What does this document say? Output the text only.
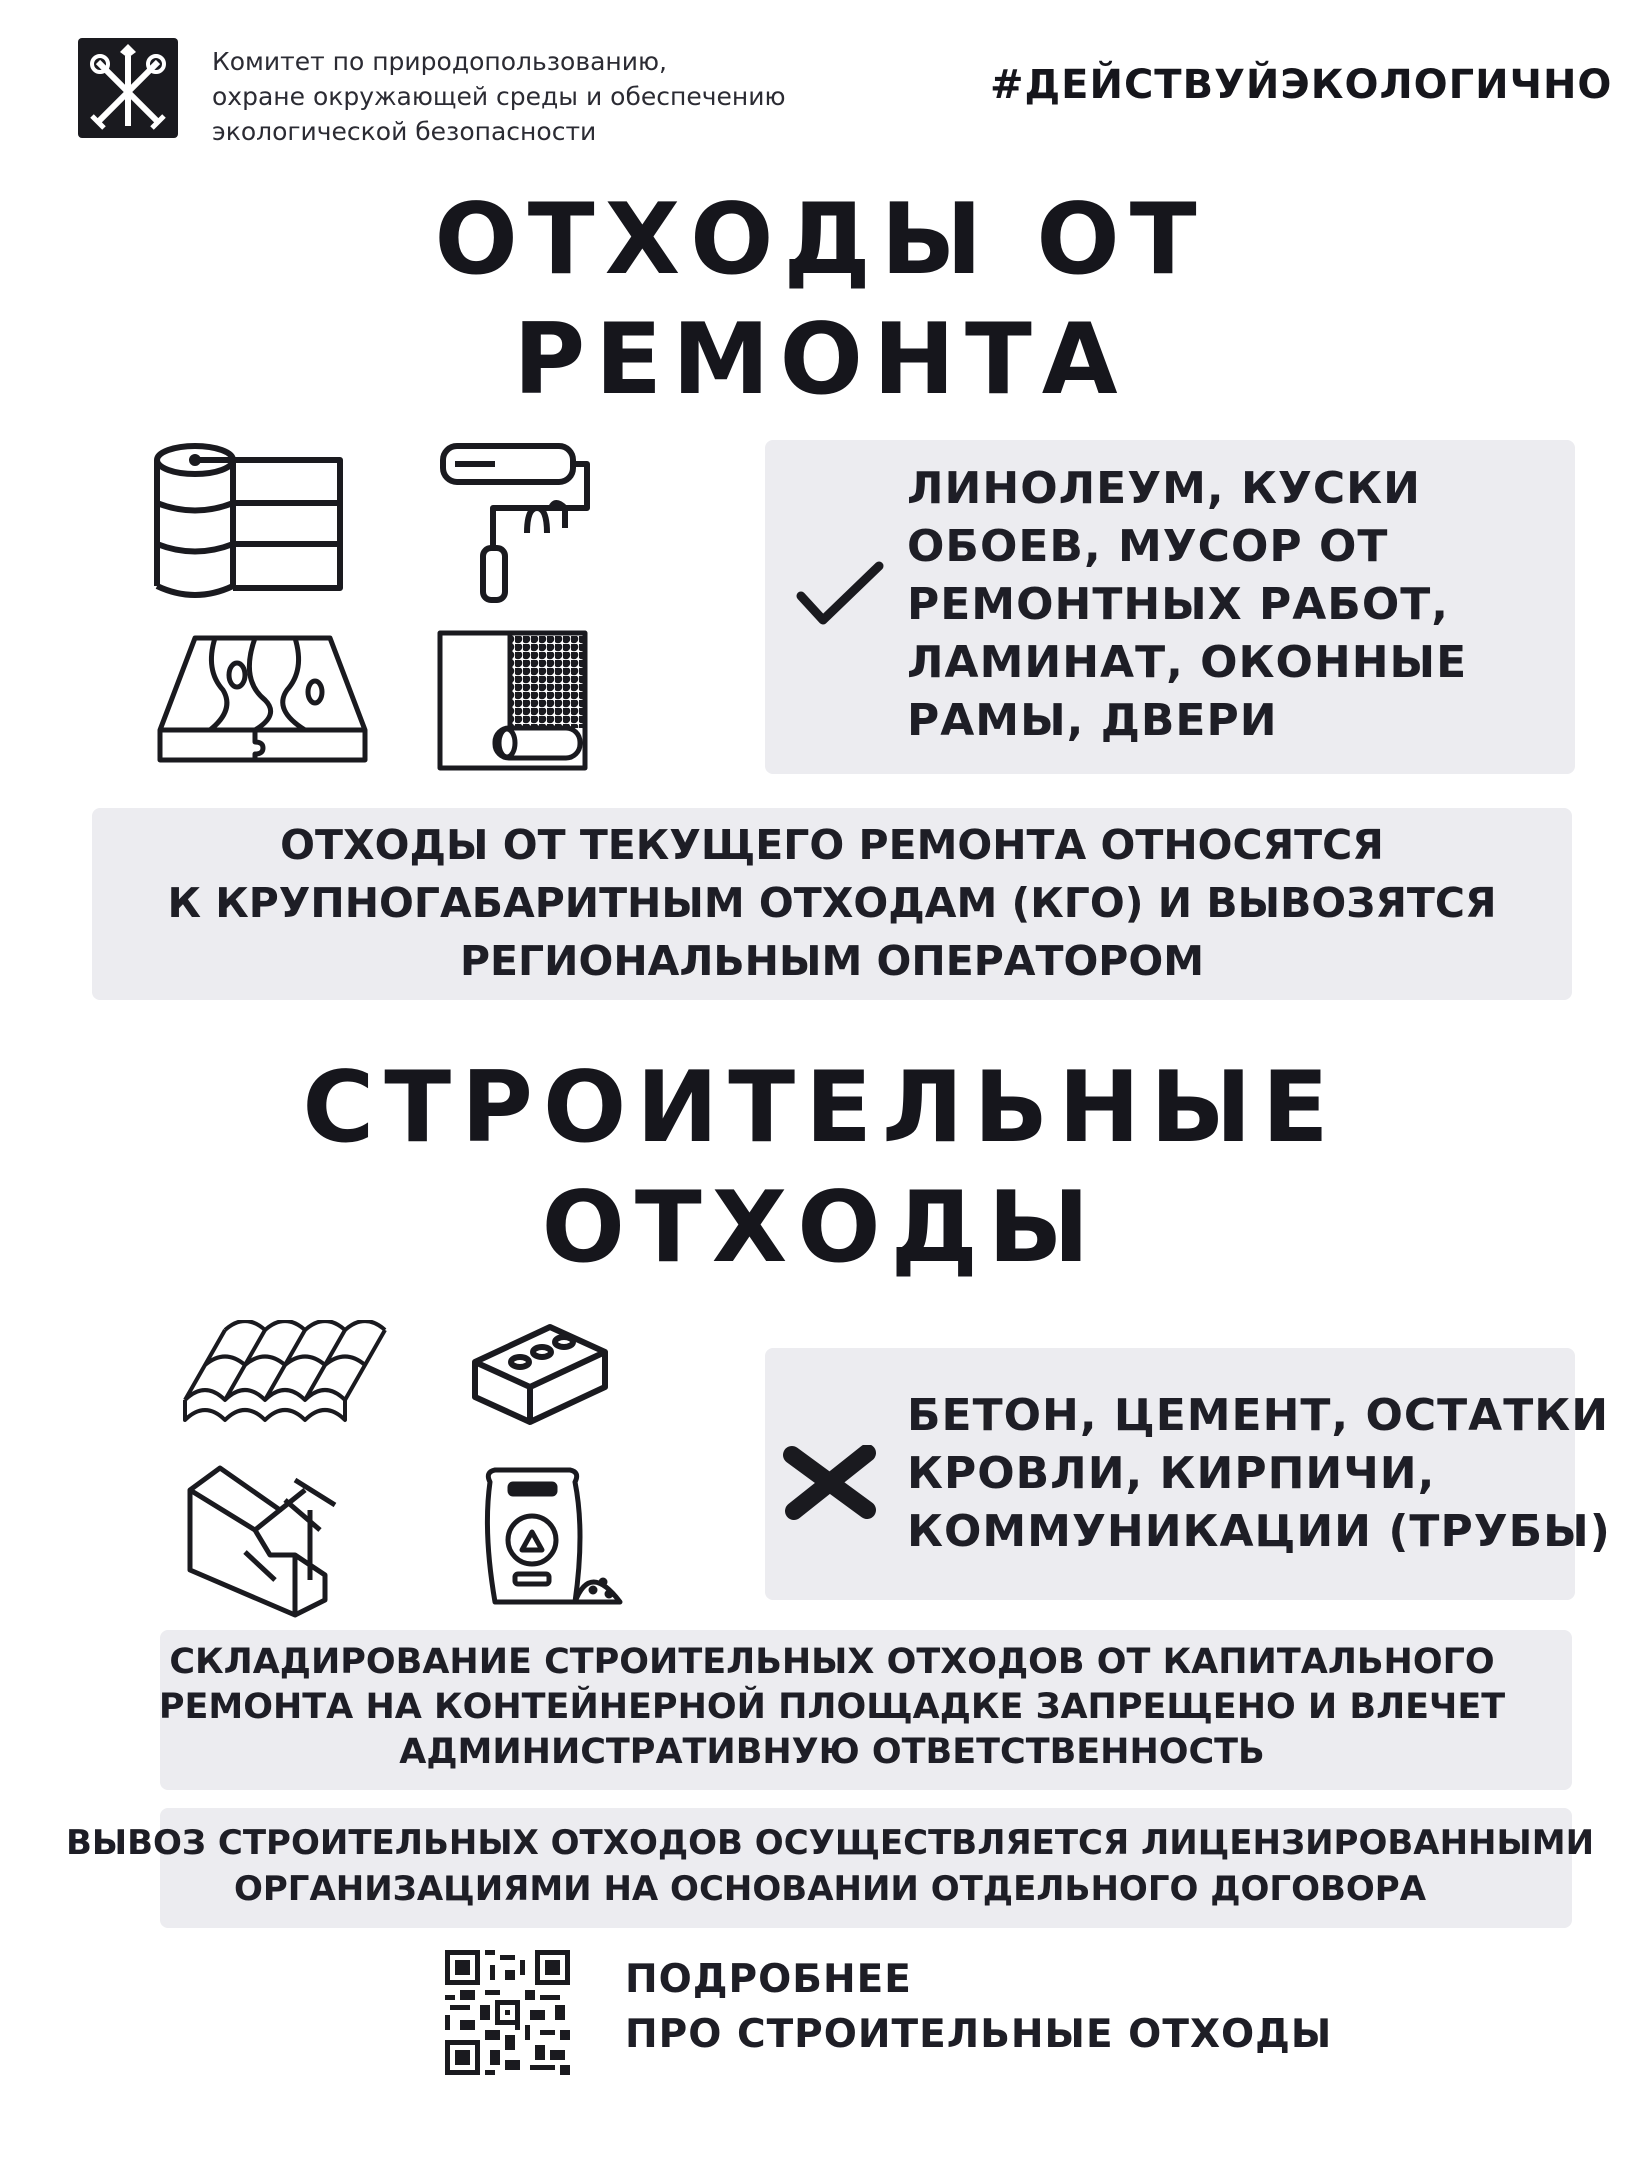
Комитет по природопользованию,
охране окружающей среды и обеспечению
экологической безопасности
#ДЕЙСТВУЙЭКОЛОГИЧНО
ОТХОДЫ ОТ
РЕМОНТА
ЛИНОЛЕУМ, КУСКИ
ОБОЕВ, МУСОР ОТ
РЕМОНТНЫХ РАБОТ,
ЛАМИНАТ, ОКОННЫЕ
РАМЫ, ДВЕРИ
ОТХОДЫ ОТ ТЕКУЩЕГО РЕМОНТА ОТНОСЯТСЯ
К КРУПНОГАБАРИТНЫМ ОТХОДАМ (КГО) И ВЫВОЗЯТСЯ
РЕГИОНАЛЬНЫМ ОПЕРАТОРОМ
СТРОИТЕЛЬНЫЕ
ОТХОДЫ
БЕТОН, ЦЕМЕНТ, ОСТАТКИ
КРОВЛИ, КИРПИЧИ,
КОММУНИКАЦИИ (ТРУБЫ)
СКЛАДИРОВАНИЕ СТРОИТЕЛЬНЫХ ОТХОДОВ ОТ КАПИТАЛЬНОГО
РЕМОНТА НА КОНТЕЙНЕРНОЙ ПЛОЩАДКЕ ЗАПРЕЩЕНО И ВЛЕЧЕТ
АДМИНИСТРАТИВНУЮ ОТВЕТСТВЕННОСТЬ
ВЫВОЗ СТРОИТЕЛЬНЫХ ОТХОДОВ ОСУЩЕСТВЛЯЕТСЯ ЛИЦЕНЗИРОВАННЫМИ
ОРГАНИЗАЦИЯМИ НА ОСНОВАНИИ ОТДЕЛЬНОГО ДОГОВОРА
ПОДРОБНЕЕ
ПРО СТРОИТЕЛЬНЫЕ ОТХОДЫ
